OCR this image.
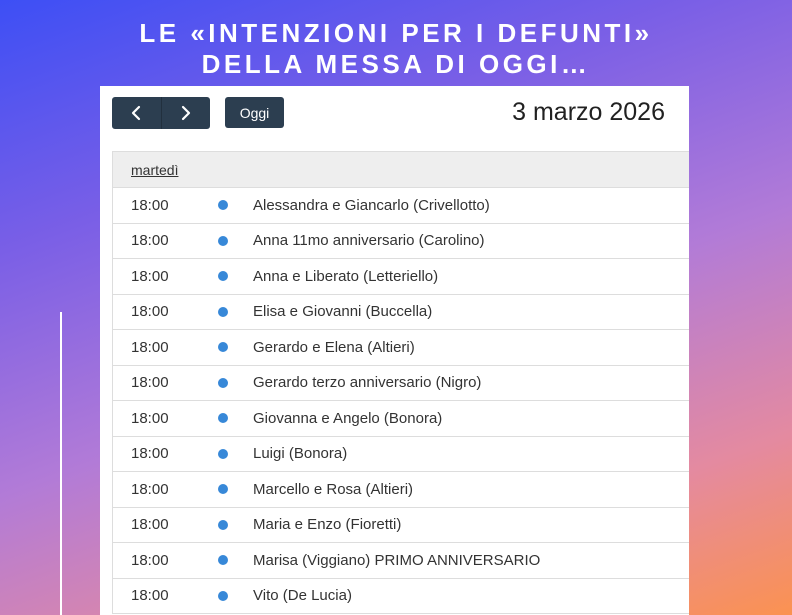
LE «INTENZIONI PER I DEFUNTI»
DELLA MESSA DI OGGI…
Oggi	3 marzo 2026
martedì
18:00	Alessandra e Giancarlo (Crivellotto)
18:00	Anna 11mo anniversario (Carolino)
18:00	Anna e Liberato (Letteriello)
18:00	Elisa e Giovanni (Buccella)
18:00	Gerardo e Elena (Altieri)
18:00	Gerardo terzo anniversario (Nigro)
18:00	Giovanna e Angelo (Bonora)
18:00	Luigi (Bonora)
18:00	Marcello e Rosa (Altieri)
18:00	Maria e Enzo (Fioretti)
18:00	Marisa (Viggiano) PRIMO ANNIVERSARIO
18:00	Vito (De Lucia)
